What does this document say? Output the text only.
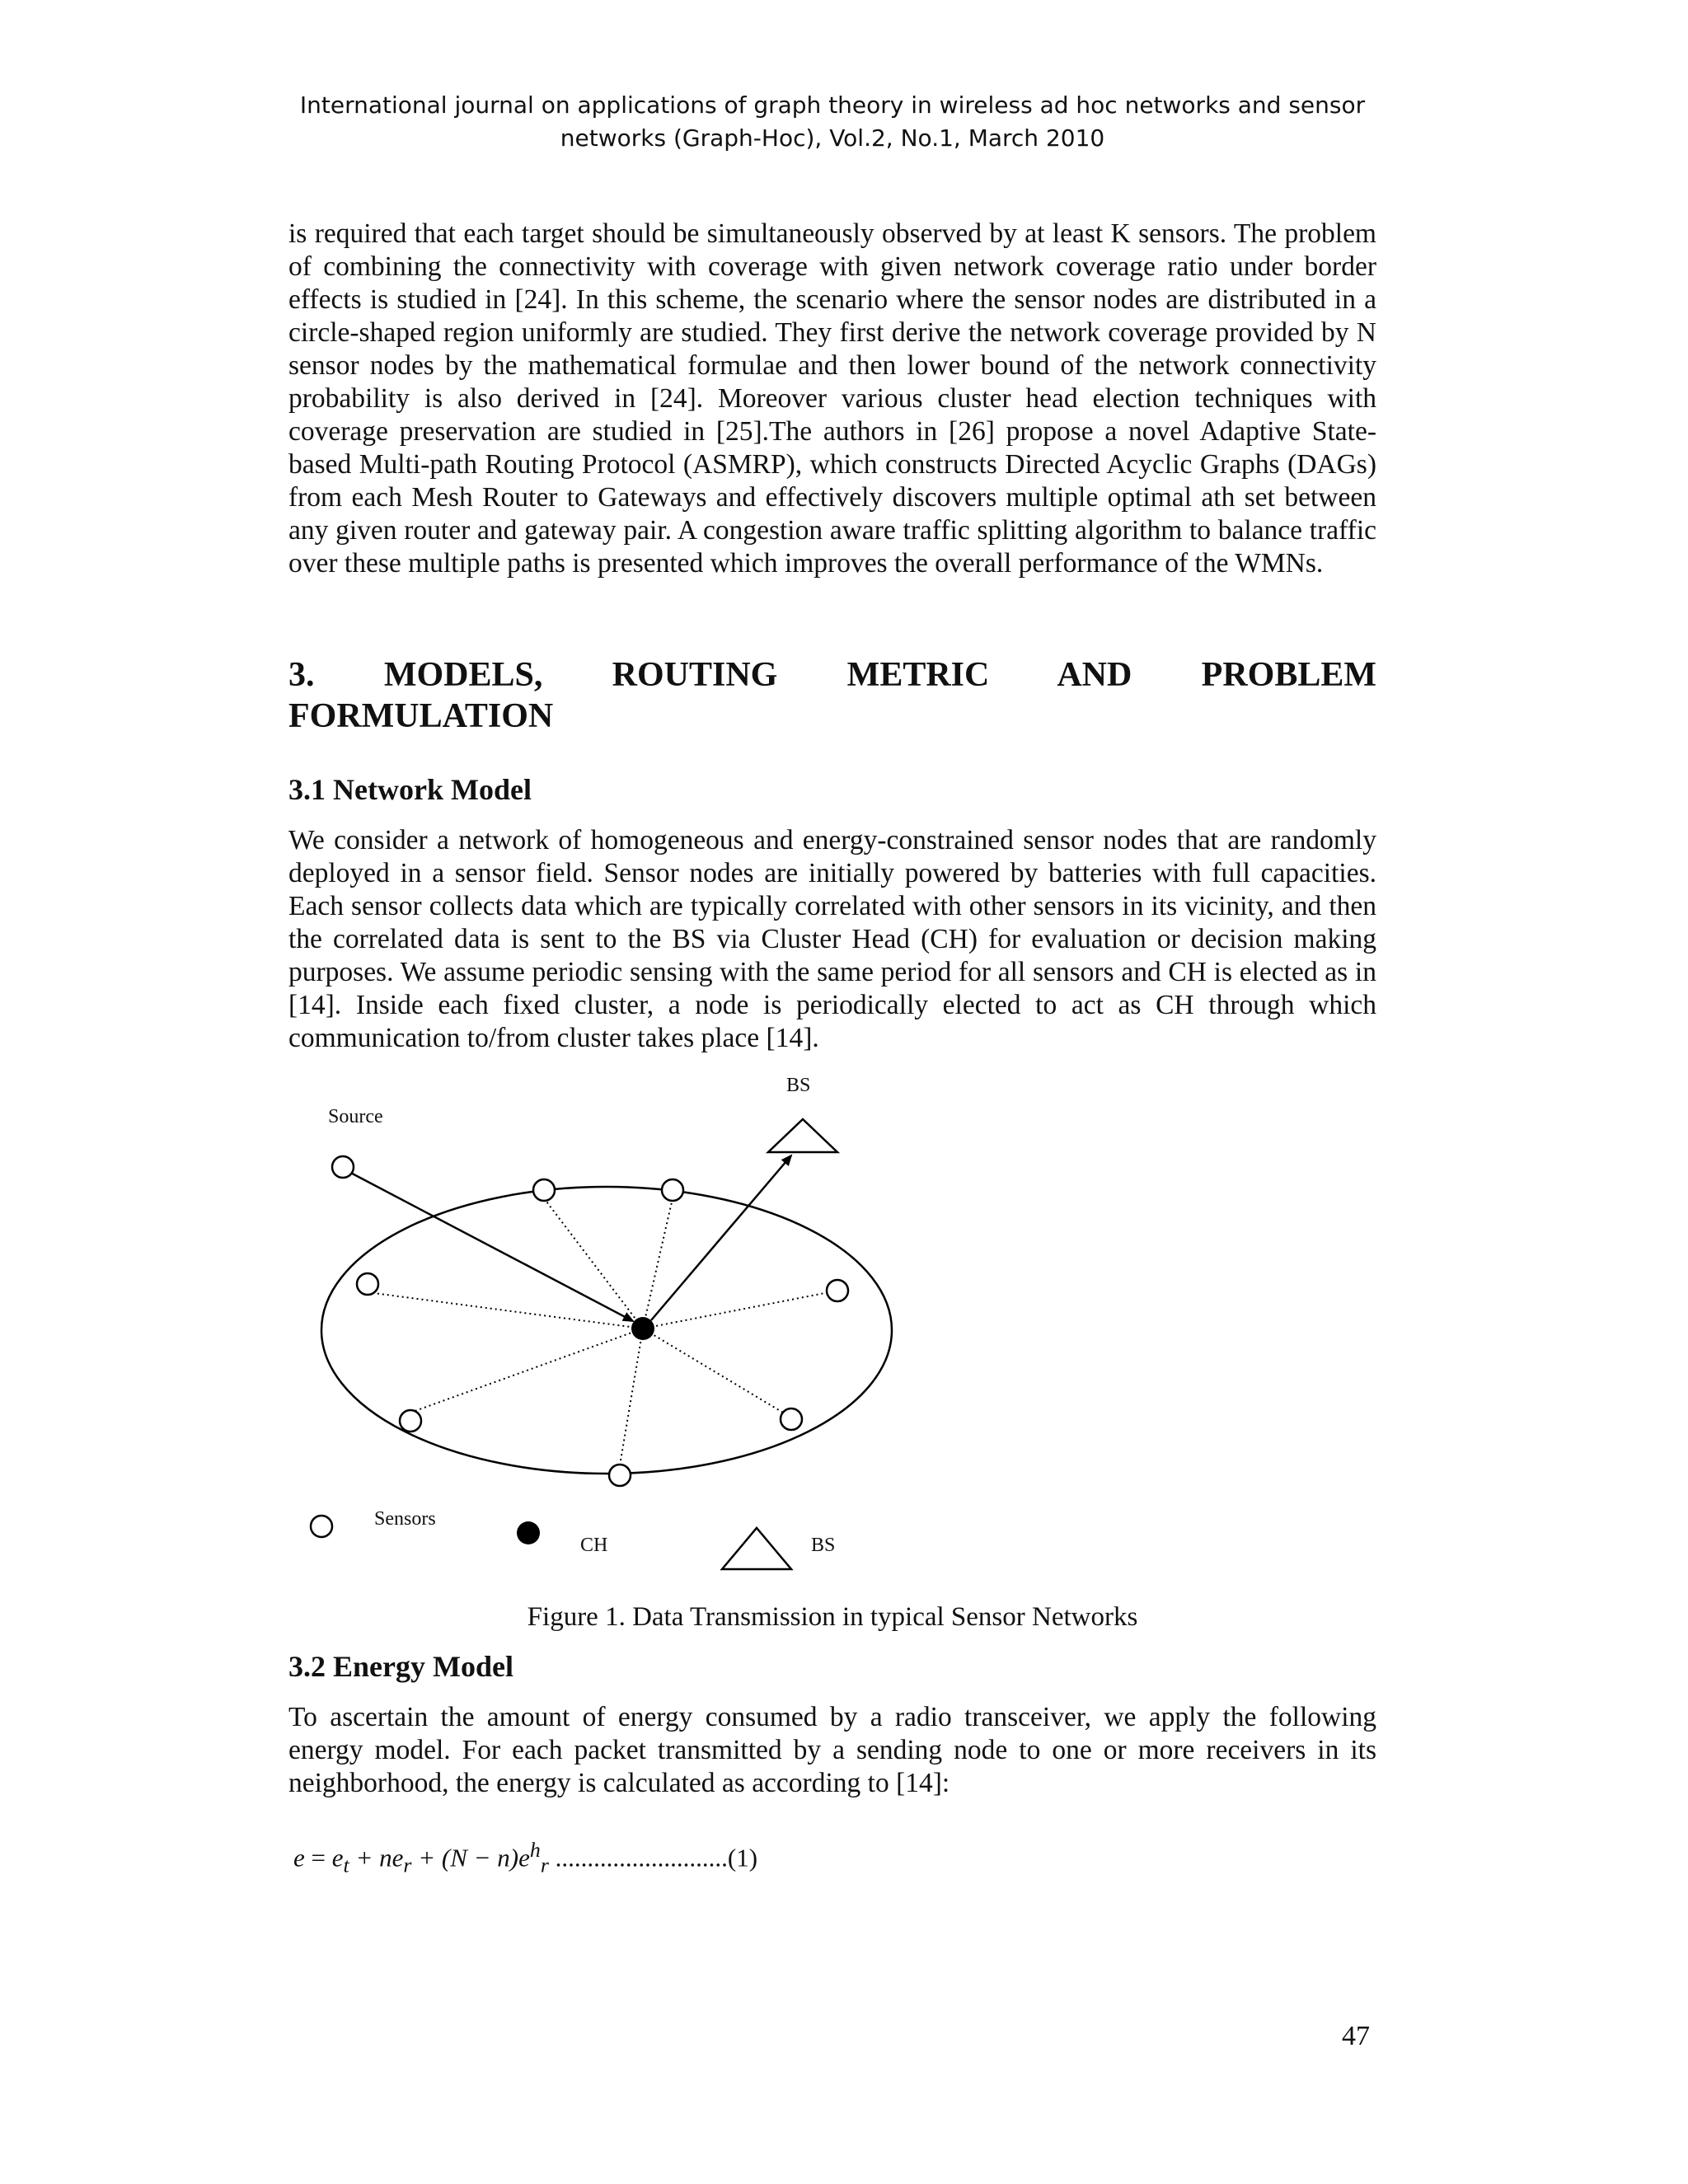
International journal on applications of graph theory in wireless ad hoc networks and sensor
networks (Graph-Hoc), Vol.2, No.1, March 2010

is required that each target should be simultaneously observed by at least K sensors. The problem of combining the connectivity with coverage with given network coverage ratio under border effects is studied in [24]. In this scheme, the scenario where the sensor nodes are distributed in a circle-shaped region uniformly are studied. They first derive the network coverage provided by N sensor nodes by the mathematical formulae and then lower bound of the network connectivity probability is also derived in [24]. Moreover various cluster head election techniques with coverage preservation are studied in [25].The authors in [26] propose a novel Adaptive State-based Multi-path Routing Protocol (ASMRP), which constructs Directed Acyclic Graphs (DAGs) from each Mesh Router to Gateways and effectively discovers multiple optimal ath set between any given router and gateway pair. A congestion aware traffic splitting algorithm to balance traffic over these multiple paths is presented which improves the overall performance of the WMNs.

3. MODELS, ROUTING METRIC AND PROBLEM
FORMULATION
3.1 Network Model

We consider a network of homogeneous and energy-constrained sensor nodes that are randomly deployed in a sensor field. Sensor nodes are initially powered by batteries with full capacities. Each sensor collects data which are typically correlated with other sensors in its vicinity, and then the correlated data is sent to the BS via Cluster Head (CH) for evaluation or decision making purposes. We assume periodic sensing with the same period for all sensors and CH is elected as in [14]. Inside each fixed cluster, a node is periodically elected to act as CH through which communication to/from cluster takes place [14].

BS
Source
Sensors
CH	BS
Figure 1. Data Transmission in typical Sensor Networks
3.2 Energy Model

To ascertain the amount of energy consumed by a radio transceiver, we apply the following energy model. For each packet transmitted by a sending node to one or more receivers in its neighborhood, the energy is calculated as according to [14]:

$e = e_t + ne_r + (N - n)e^h_r$ ...........................(1)
47
